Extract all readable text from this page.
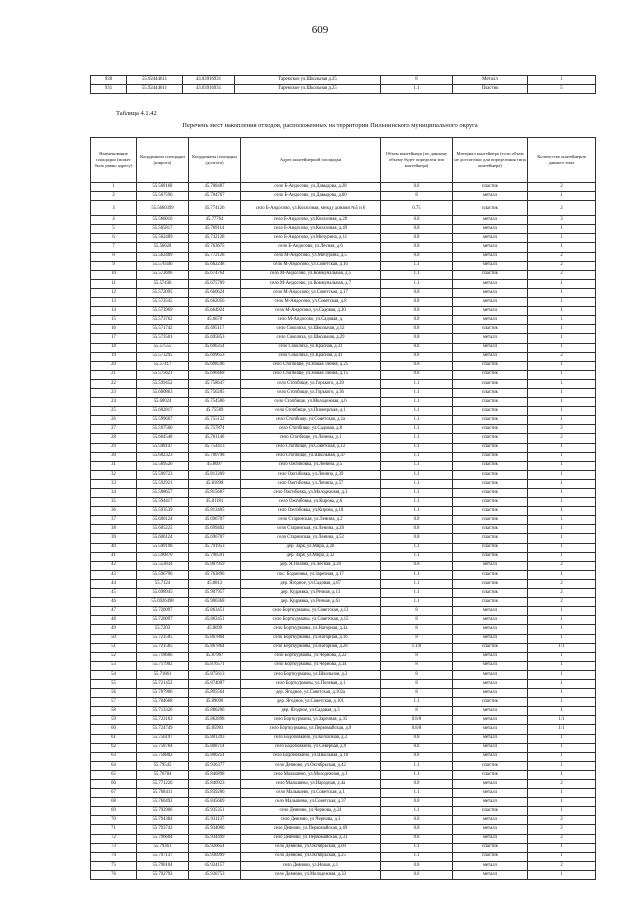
609
930	55.92444611	43.03916931	Таремское ул.Школьная д.25	8	Металл	1
931	55.92444611	43.03916931	Таремское ул.Школьная д.25	1.1	Пластик	5
Таблица 4.1.42
Перечень мест накопления отходов, расположенных на территории Пильнинского муниципального округа
Наименование площадки (может быть равно адресу)	Координаты площадки (широта)	Координаты площадки (долгота)	Адрес контейнерной площадки	Объем контейнера (по данному объему будет определен тип контейнера)	Материал контейнера (если объем не достаточно для определения типа контейнера)	Количество контейнеров данного типа
1	55.568168	45.708487	село Б-Андосово, ул.Давыдова, д.28	0.8	пластик	2
2	55.567596	45.704767	село Б-Андосово, ул.Давыдова, д.60	8	металл	1
3	55.5660399	45.774126	село Б-Андосово, ул.Колхозная, между домами №5 и 6	0.75	пластик	2
4	55.566016	45.77764	село Б-Андосово, ул.Колхозная, д.20	0.8	металл	3
5	55.565817	45.769114	село Б-Андосово, ул.Колхозная, д.49	0.8	металл	1
6	55.562489	45.732128	село Б-Андосово, ул.Мичурина, д.11	0.8	металл	1
7	55.56028	45.763675	село Б-Андосово, ул.Лесная, д.6	0.8	металл	1
8	55.562489	45.772128	село М-Андосово, ул.Мичурина, д.5	0.8	металл	2
9	55.570346	45.662248	село М-Андосово, ул.Советская, д.16	1.1	металл	2
10	55.572696	45.674764	село М-Андосово, ул.Коммунальная, д.5	1.1	пластик	2
11	55.57436	45.675709	село М-Андосово, ул.Коммунальная, д.7	1.1	металл	1
12	55.572095	45.660624	село М-Андосово, ул.Советская, д.17	0.8	металл	1
13	55.573545	45.662056	село М-Андосово, ул.Советская, д.8	0.8	металл	1
14	55.573969	45.664924	село М-Андосово, ул.Садовая, д.30	0.8	металл	1
15	55.573762	45.6670	село М-Андосово, ул.Садовая, д.	0.8	металл	1
16	55.571742	45.695117	село Соколиха, ул.Школьная, д.12	0.8	пластик	1
17	55.573501	45.695853	село Соколиха, ул.Школьная, д.29	0.8	металл	1
18	55.57555	45.696354	село Соколиха, ул.Красная, д.31	0.8	металл	1
19	55.573295	45.699653	село Соколиха, ул.Красная, д.41	0.8	металл	2
20	55.57417	45.698596	село Стопбище, ул.Новая Линия, д.25	0.8	пластик	1
21	55.575621	45.690468	село Стопбище, ул.Новая Линия, д.15	0.8	пластик	1
22	55.599452	45.758647	село Стопбище, ул.Горького, д.20	1.1	пластик	1
23	55.600863	45.756285	село Стопбище, ул.Горького, д.36	1.1	пластик	1
24	55.60024	45.754586	село Стопбище, ул.Молодежная, д.6	1.1	пластик	1
25	55.602817	45.75589	село Стопбище, ул.Пионерская, д.1	1.1	пластик	1
26	55.599667	45.755132	село Стопбище, ул.Советская, д.1а	1.1	пластик	1
27	55.597560	45.757874	село Стопбище, ул.Садовая, д.8	1.1	пластик	2
28	55.604548	45.761146	село Стопбище, ул.Ленина, д.1	1.1	пластик	2
29	55.598147	45.754413	село Стопбище, ул.Советская, д.12	1.1	пластик	1
30	55.602323	45.700798	село Стопбище, ул.Школьная, д.47	1.1	пластик	1
31	55.589526	45.8097	село Ожгибовка, ул.Ленина, д.5	1.1	пластик	1
32	55.590723	45.813309	село Ожгибовка, ул.Ленина, д.39	1.1	пластик	1
33	55.592921	45.81898	село Ожгибовка, ул.Ленина, д.57	1.1	пластик	1
34	55.588657	45.815687	село Ожгибовка, ул.Молодежная, д.3	1.1	пластик	1
35	55.594417	45.81181	село Ожгибовка, ул.Кирова, д.6	1.1	пластик	1
36	55.593539	45.813405	село Ожгибовка, ул.Кирова, д.18	1.1	пластик	1
37	55.606124	45.696707	село Старинская, ул.Ленина, д.2	0.8	пластик	1
38	55.605225	45.699402	село Старинская, ул.Ленина, д.28	0.8	пластик	1
39	55.606124	45.696707	село Старинская, ул.Ленина, д.52	0.8	пластик	1
40	55.590198	45.791953	дер. Заря, ул.Мира, д.26	1.1	пластик	1
41	55.590870	45.790591	дер. Заря, ул.Мира, д.32	1.1	пластик	1
42	55.553834	45.807959	дер. Я.Полянa, ул.Лесная, д.20	0.8	металл	2
43	55.596796	45.763896	пос. Бодановка, ул.Заречная, д.17	1.1	пластик	1
44	55.7124	45.8813	дер. Ягодное, ул.Садовая, д.67	1.1	пластик	2
45	55.698945	45.907957	дер. Кудрявка, ул.Речная, д.13	1.1	пластик	2
46	55.6926498	45.906368	дер. Кудрявка, ул.Речная, д.61	1.1	пластик	2
47	55.720097	45.863451	село Борткурманы, ул.Советская, д.13	8	металл	1
48	55.720097	45.863451	село Борткурманы, ул.Советская, д.15	8	металл	1
49	55.7203	45.8699	село Борткурманы, ул.Нагорная, д.3а	8	металл	1
50	55.721585	45.867864	село Борткурманы, ул.Нагорная, д.16	8	металл	1
51	55.721585	45.867864	село Борткурманы, ул.Нагорная, д.28	1.1/8	пластик	1/1
52	55.718666	45.87967	село Борткурманы, ул.Чернова, д.22	8	металл	1
53	55.717902	45.876571	село Борткурманы, ул.Чернова, д.34	8	металл	1
54	55.71861	45.875613	село Борткурманы, ул.Школьная, д.2	8	металл	1
55	55.721452	45.874087	село Борткурманы, ул.Полевая, д.1	8	металл	1
56	55.707906	45.895564	дер. Ягодное, ул.Советская, д.102а	8	металл	1
57	55.704668	45.89090	дер. Ягодное, ул.Советская, д.101	1.1	пластик	1
58	55.713326	45.886206	дер. Ягодное, ул.Садовая, д.3	8	металл	1
59	55.723163	45.862898	село Борткурманы, ул.Заречная, д.35	0.8/8	металл	1/1
60	55.724749	45.85903	село Борткурманы, ул.Первомайская, д.9	0.8/8	металл	1/1
61	55.756197	45.801293	село Бодобовкино, ул.Колхозная, д.2	0.8	металл	1
62	55.758764	45.808714	село Бодобовкино, ул.Северная, д.9	0.8	металл	1
63	55.758802	45.800254	село Бодобовкино, ул.Школьная, д.10	0.8	металл	1
64	55.79545	45.936377	село Деяново, ул.Октябрьская, д.42	1.1	пластик	1
65	55.76784	45.846898	село Малышево, ул.Молодежная, д.3	1.1	пластик	1
66	55.771226	45.840923	село Малышево, ул.Народная, д.4а	0.8	металл	2
67	55.768411	45.839286	село Малышево, ул.Советская, д.1	1.1	металл	1
68	55.766492	45.845669	село Малышево, ул.Советская, д.37	0.8	металл	1
69	55.792906	45.935351	село Деяново, ул.Чернова, д.24	1.1	пластик	1
70	55.794384	45.931137	село Деяново, ул.Чернова, д.3	0.8	металл	2
71	55.793743	45.934006	село Деяново, ул.Первомайская, д.69	0.8	металл	2
72	55.796604	45.934499	село Деяново, ул.Первомайская, д.31	0.8	металл	2
73	55.79361	45.926654	село Деяново, ул.Октябрьская, д.60	1.1	пластик	1
74	55.797137	45.936999	село Деяново, ул.Октябрьская, д.25	1.1	пластик	1
75	55.790104	45.924157	село Деяново, ул.Новая, д.1	0.8	металл	2
76	55.792792	45.930753	село Деяново, ул.Молодежная, д.33	0.8	металл	1
